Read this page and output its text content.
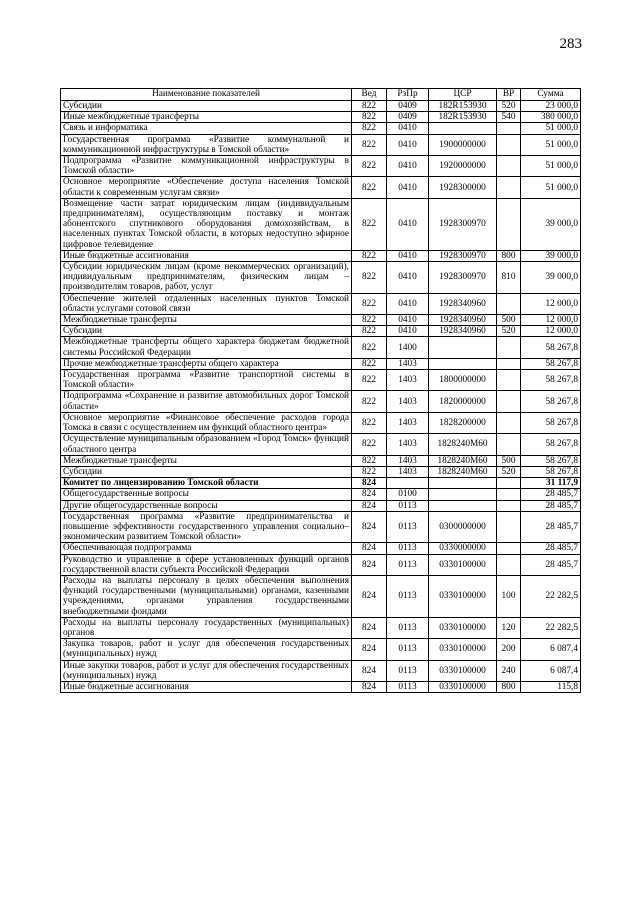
283
Наименование показателей	Вед	РзПр	ЦСР	ВР	Сумма
Субсидии	822	0409	182R153930	520	23 000,0
Иные межбюджетные трансферты	822	0409	182R153930	540	380 000,0
Связь и информатика	822	0410			51 000,0
Государственная программа «Развитие коммунальной и коммуникационной инфраструктуры в Томской области»	822	0410	1900000000		51 000,0
Подпрограмма «Развитие коммуникационной инфраструктуры в Томской области»	822	0410	1920000000		51 000,0
Основное мероприятие «Обеспечение доступа населения Томской области к современным услугам связи»	822	0410	1928300000		51 000,0
Возмещение части затрат юридическим лицам (индивидуальным предпринимателям), осуществляющим поставку и монтаж абонентского спутникового оборудования домохозяйствам, в населенных пунктах Томской области, в которых недоступно эфирное цифровое телевидение	822	0410	1928300970		39 000,0
Иные бюджетные ассигнования	822	0410	1928300970	800	39 000,0
Субсидии юридическим лицам (кроме некоммерческих организаций), индивидуальным предпринимателям, физическим лицам – производителям товаров, работ, услуг	822	0410	1928300970	810	39 000,0
Обеспечение жителей отдаленных населенных пунктов Томской области услугами сотовой связи	822	0410	1928340960		12 000,0
Межбюджетные трансферты	822	0410	1928340960	500	12 000,0
Субсидии	822	0410	1928340960	520	12 000,0
Межбюджетные трансферты общего характера бюджетам бюджетной системы Российской Федерации	822	1400			58 267,8
Прочие межбюджетные трансферты общего характера	822	1403			58 267,8
Государственная программа «Развитие транспортной системы в Томской области»	822	1403	1800000000		58 267,8
Подпрограмма «Сохранение и развитие автомобильных дорог Томской области»	822	1403	1820000000		58 267,8
Основное мероприятие «Финансовое обеспечение расходов города Томска в связи с осуществлением им функций областного центра»	822	1403	1828200000		58 267,8
Осуществление муниципальным образованием «Город Томск» функций областного центра	822	1403	1828240М60		58 267,8
Межбюджетные трансферты	822	1403	1828240М60	500	58 267,8
Субсидии	822	1403	1828240М60	520	58 267,8
Комитет по лицензированию Томской области	824				31 117,9
Общегосударственные вопросы	824	0100			28 485,7
Другие общегосударственные вопросы	824	0113			28 485,7
Государственная программа «Развитие предпринимательства и повышение эффективности государственного управления социально–экономическим развитием Томской области»	824	0113	0300000000		28 485,7
Обеспечивающая подпрограмма	824	0113	0330000000		28 485,7
Руководство и управление в сфере установленных функций органов государственной власти субъекта Российской Федерации	824	0113	0330100000		28 485,7
Расходы на выплаты персоналу в целях обеспечения выполнения функций государственными (муниципальными) органами, казенными учреждениями, органами управления государственными внебюджетными фондами	824	0113	0330100000	100	22 282,5
Расходы на выплаты персоналу государственных (муниципальных) органов	824	0113	0330100000	120	22 282,5
Закупка товаров, работ и услуг для обеспечения государственных (муниципальных) нужд	824	0113	0330100000	200	6 087,4
Иные закупки товаров, работ и услуг для обеспечения государственных (муниципальных) нужд	824	0113	0330100000	240	6 087,4
Иные бюджетные ассигнования	824	0113	0330100000	800	115,8
